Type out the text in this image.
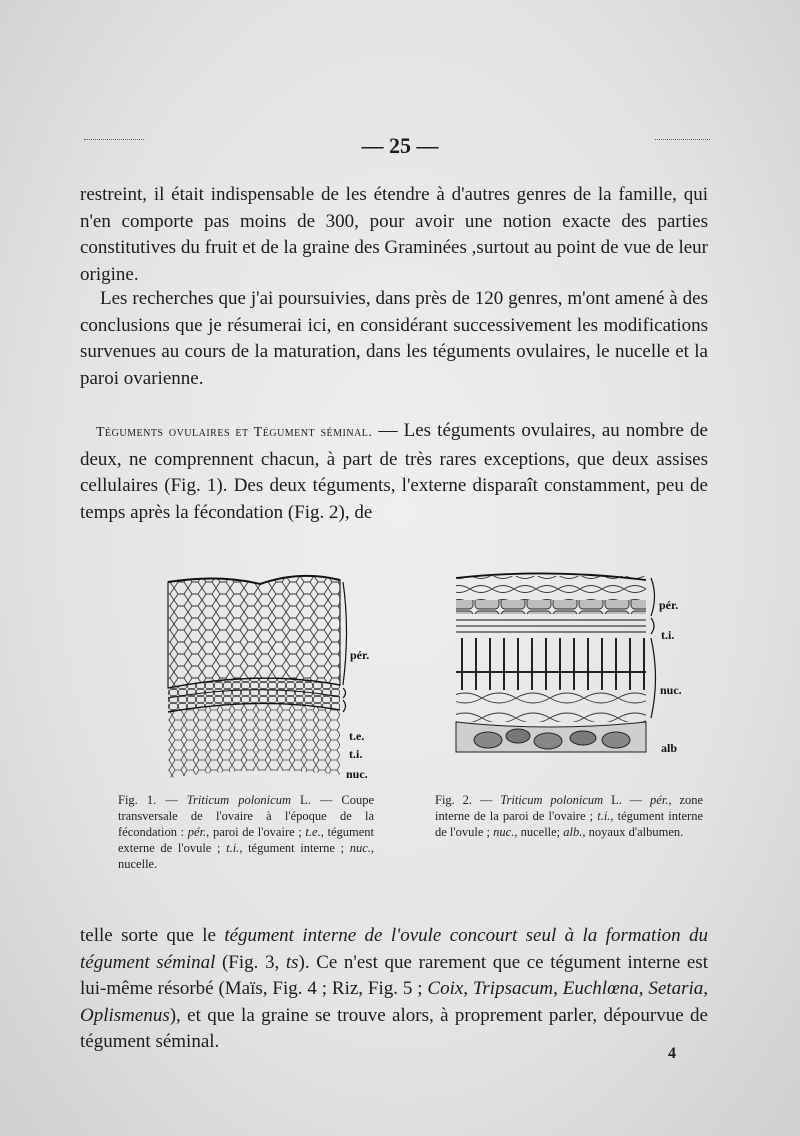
— 25 —

restreint, il était indispensable de les étendre à d'autres genres de la famille, qui n'en comporte pas moins de 300, pour avoir une notion exacte des parties constitutives du fruit et de la graine des Graminées ,surtout au point de vue de leur origine.

Les recherches que j'ai poursuivies, dans près de 120 genres, m'ont amené à des conclusions que je résumerai ici, en considérant successivement les modifications survenues au cours de la maturation, dans les téguments ovulaires, le nucelle et la paroi ovarienne.

Téguments ovulaires et Tégument séminal. — Les téguments ovulaires, au nombre de deux, ne comprennent chacun, à part de très rares exceptions, que deux assises cellulaires (Fig. 1). Des deux téguments, l'externe disparaît constamment, peu de temps après la fécondation (Fig. 2), de

pér.
t.e.
t.i.
nuc.
pér.
t.i.
nuc.
alb
Fig. 1. — Triticum polonicum L. — Coupe transversale de l'ovaire à l'époque de la fécondation : pér., paroi de l'ovaire ; t.e., tégument externe de l'ovule ; t.i., tégument interne ; nuc., nucelle.
Fig. 2. — Triticum polonicum L. — pér., zone interne de la paroi de l'ovaire ; t.i., tégument interne de l'ovule ; nuc., nucelle; alb., noyaux d'albumen.

telle sorte que le tégument interne de l'ovule concourt seul à la formation du tégument séminal (Fig. 3, ts). Ce n'est que rarement que ce tégument interne est lui-même résorbé (Maïs, Fig. 4 ; Riz, Fig. 5 ; Coix, Tripsacum, Euchlœna, Setaria, Oplismenus), et que la graine se trouve alors, à proprement parler, dépourvue de tégument séminal.

4
